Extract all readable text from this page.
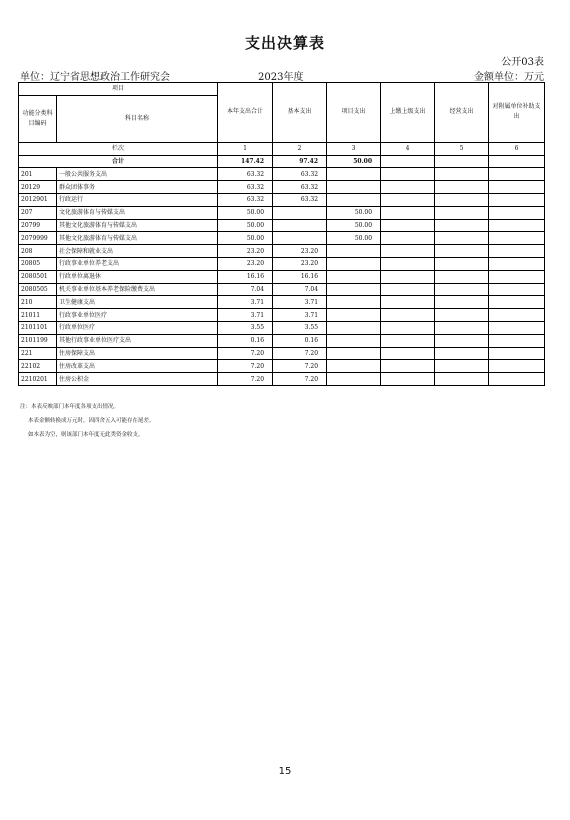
支出决算表
公开03表
单位：辽宁省思想政治工作研究会	2023年度	金额单位：万元
项目		本年支出合计	基本支出	项目支出	上缴上级支出	经营支出	对附属单位补助支出
功能分类科目编码	科目名称						
栏次		1	2	3	4	5	6
合计		147.42	97.42	50.00			
201	一般公共服务支出	63.32	63.32				
20129	群众团体事务	63.32	63.32				
2012901	行政运行	63.32	63.32				
207	文化旅游体育与传媒支出	50.00		50.00			
20799	其他文化旅游体育与传媒支出	50.00		50.00			
2079999	其他文化旅游体育与传媒支出	50.00		50.00			
208	社会保障和就业支出	23.20	23.20				
20805	行政事业单位养老支出	23.20	23.20				
2080501	行政单位离退休	16.16	16.16				
2080505	机关事业单位基本养老保险缴费支出	7.04	7.04				
210	卫生健康支出	3.71	3.71				
21011	行政事业单位医疗	3.71	3.71				
2101101	行政单位医疗	3.55	3.55				
2101199	其他行政事业单位医疗支出	0.16	0.16				
221	住房保障支出	7.20	7.20				
22102	住房改革支出	7.20	7.20				
2210201	住房公积金	7.20	7.20				
注：本表反映部门本年度各项支出情况。
本表金额转换成万元时，因四舍五入可能存在尾差。
如本表为空，则该部门本年度无此类资金收支。
15
